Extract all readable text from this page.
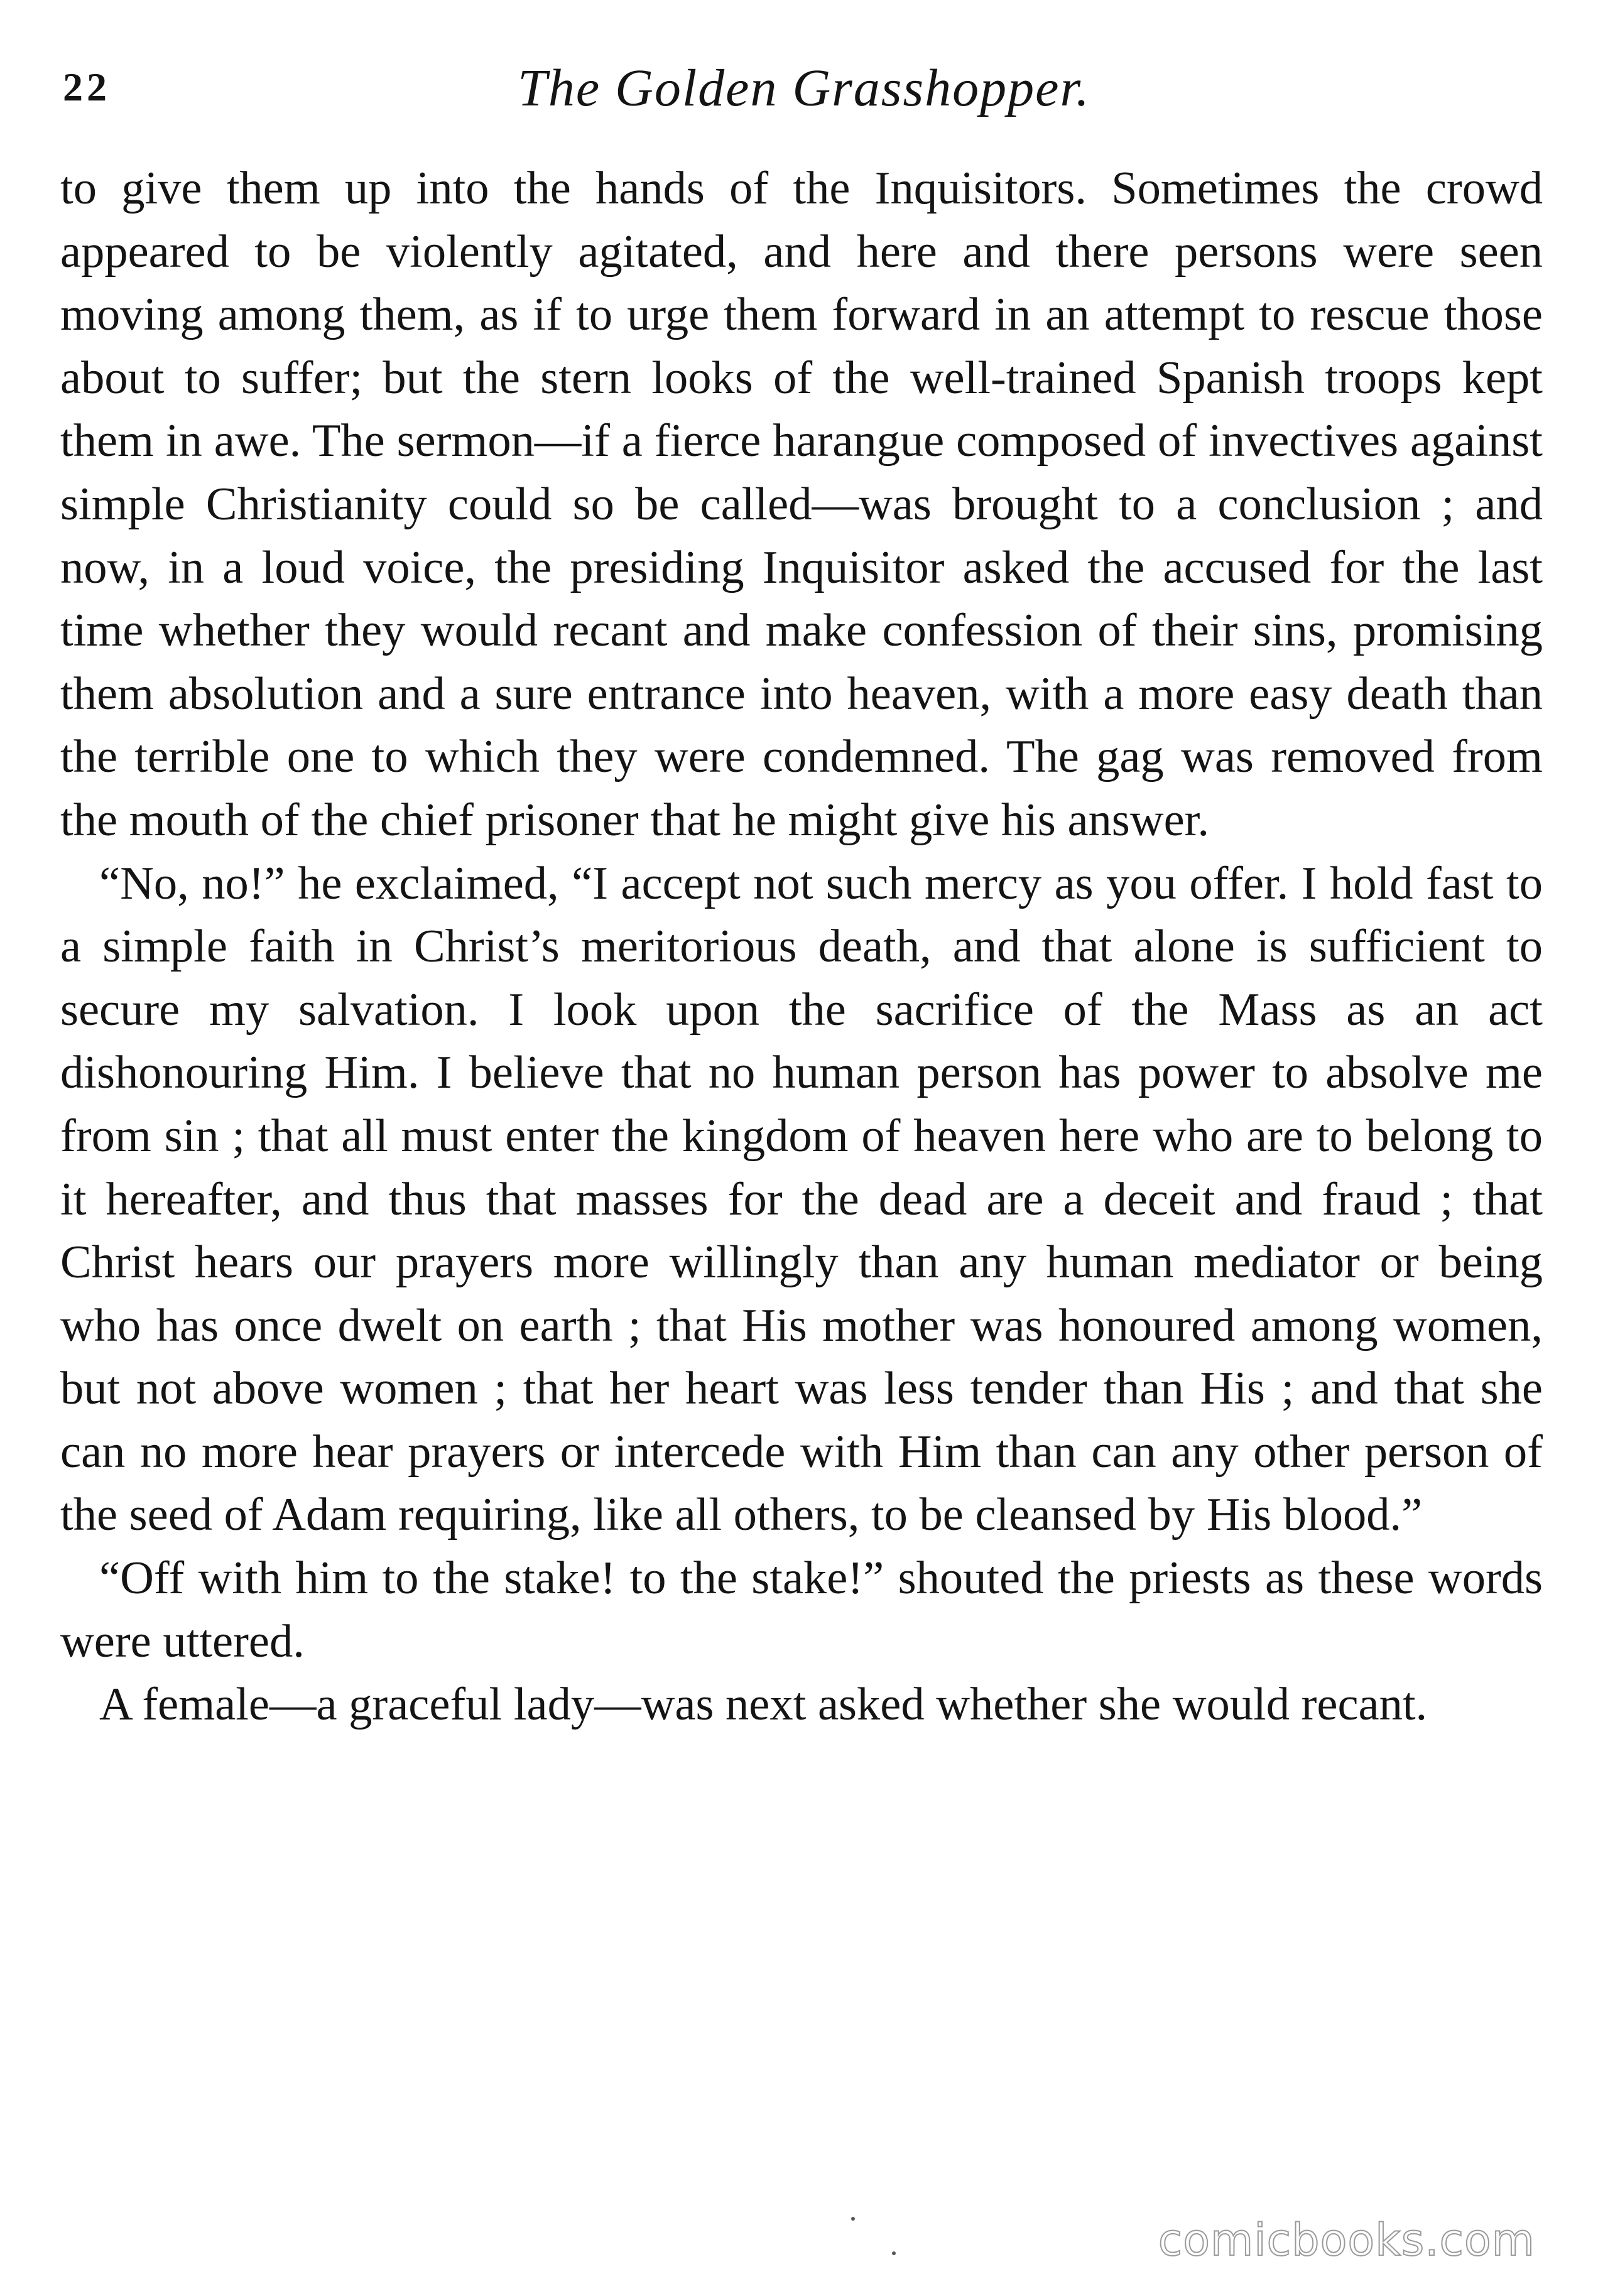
22	The Golden Grasshopper.

to give them up into the hands of the Inquisitors. Sometimes the crowd appeared to be violently agitated, and here and there persons were seen moving among them, as if to urge them forward in an attempt to rescue those about to suffer; but the stern looks of the well-trained Spanish troops kept them in awe. The sermon—if a fierce harangue composed of invectives against simple Christianity could so be called—was brought to a conclusion ; and now, in a loud voice, the presiding Inquisitor asked the accused for the last time whether they would recant and make confession of their sins, promising them absolution and a sure entrance into heaven, with a more easy death than the terrible one to which they were condemned. The gag was removed from the mouth of the chief prisoner that he might give his answer.

“No, no!” he exclaimed, “I accept not such mercy as you offer. I hold fast to a simple faith in Christ’s meritorious death, and that alone is sufficient to secure my salvation. I look upon the sacrifice of the Mass as an act dishonouring Him. I believe that no human person has power to absolve me from sin ; that all must enter the kingdom of heaven here who are to belong to it hereafter, and thus that masses for the dead are a deceit and fraud ; that Christ hears our prayers more willingly than any human mediator or being who has once dwelt on earth ; that His mother was honoured among women, but not above women ; that her heart was less tender than His ; and that she can no more hear prayers or intercede with Him than can any other person of the seed of Adam requiring, like all others, to be cleansed by His blood.”

“Off with him to the stake! to the stake!” shouted the priests as these words were uttered.

A female—a graceful lady—was next asked whether she would recant.

comicbooks.com
